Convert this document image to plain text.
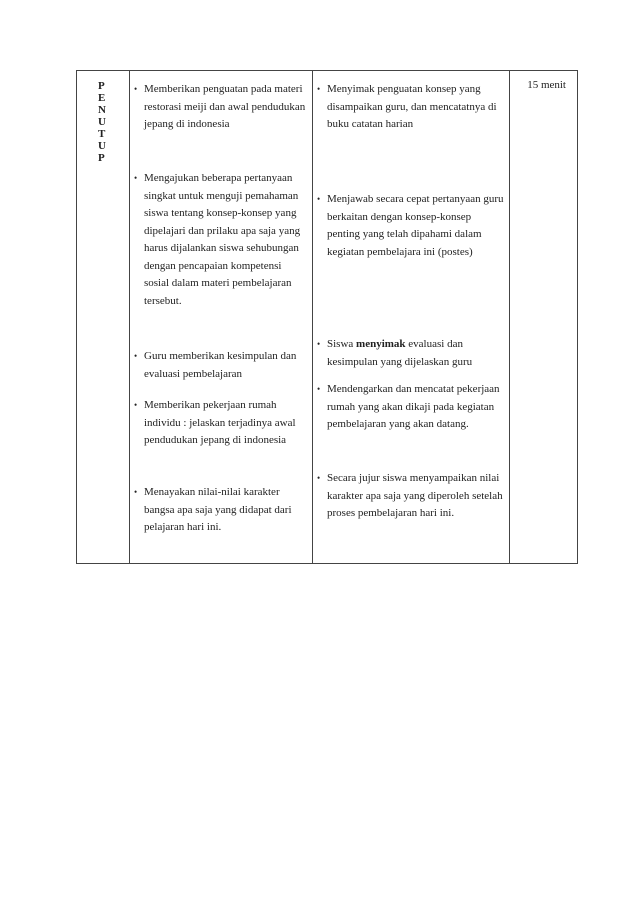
P
E
N
U
T
U
P

• Memberikan penguatan pada materi restorasi meiji dan awal pendudukan jepang di indonesia
• Mengajukan beberapa pertanyaan singkat untuk menguji pemahaman siswa tentang konsep-konsep yang dipelajari dan prilaku apa saja yang harus dijalankan siswa sehubungan dengan pencapaian kompetensi sosial dalam materi pembelajaran tersebut.
• Guru memberikan kesimpulan dan evaluasi pembelajaran
• Memberikan pekerjaan rumah individu : jelaskan terjadinya awal pendudukan jepang di indonesia
• Menayakan nilai-nilai karakter bangsa apa saja yang didapat dari pelajaran hari ini.

• Menyimak penguatan konsep yang disampaikan guru, dan mencatatnya di buku catatan harian
• Menjawab secara cepat pertanyaan guru berkaitan dengan konsep-konsep penting yang telah dipahami dalam kegiatan pembelajara ini (postes)
• Siswa menyimak evaluasi dan kesimpulan yang dijelaskan guru
• Mendengarkan dan mencatat pekerjaan rumah yang akan dikaji pada kegiatan pembelajaran yang akan datang.
• Secara jujur siswa menyampaikan nilai karakter apa saja yang diperoleh setelah proses pembelajaran hari ini.

15 menit
